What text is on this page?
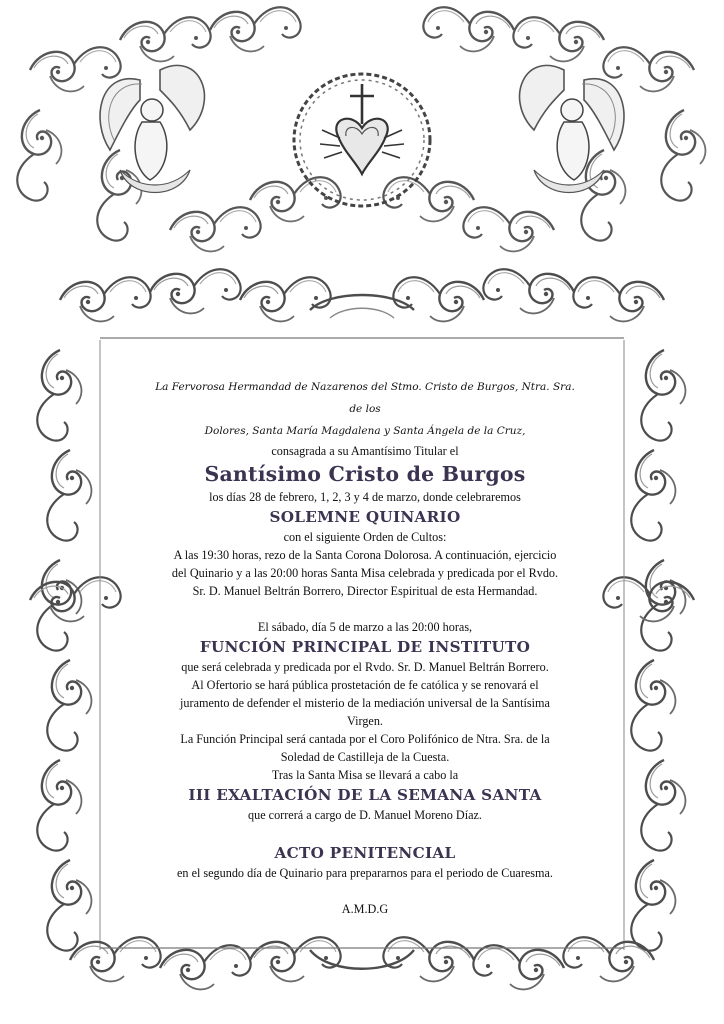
La Fervorosa Hermandad de Nazarenos del Stmo. Cristo de Burgos, Ntra. Sra. de los

Dolores, Santa María Magdalena y Santa Ángela de la Cruz,

consagrada a su Amantísimo Titular el

Santísimo Cristo de Burgos

los días 28 de febrero, 1, 2, 3 y 4 de marzo, donde celebraremos

SOLEMNE QUINARIO

con el siguiente Orden de Cultos:

A las 19:30 horas, rezo de la Santa Corona Dolorosa. A continuación, ejercicio

del Quinario y a las 20:00 horas Santa Misa celebrada y predicada por el Rvdo.

Sr. D. Manuel Beltrán Borrero, Director Espiritual de esta Hermandad.

El sábado, día 5 de marzo a las 20:00 horas,

FUNCIÓN PRINCIPAL DE INSTITUTO

que será celebrada y predicada por el Rvdo. Sr. D. Manuel Beltrán Borrero.

Al Ofertorio se hará pública prostetación de fe católica y se renovará el

juramento de defender el misterio de la mediación universal de la Santísima

Virgen.

La Función Principal será cantada por el Coro Polifónico de Ntra. Sra. de la

Soledad de Castilleja de la Cuesta.

Tras la Santa Misa se llevará a cabo la

III EXALTACIÓN DE LA SEMANA SANTA

que correrá a cargo de D. Manuel Moreno Díaz.

ACTO PENITENCIAL

en el segundo día de Quinario para prepararnos para el periodo de Cuaresma.

A.M.D.G
